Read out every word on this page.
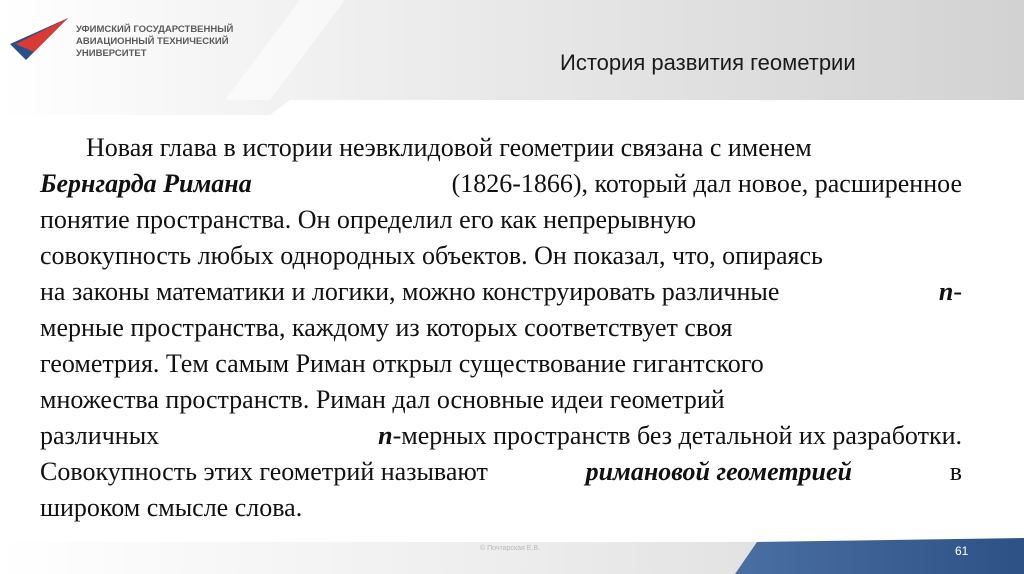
УФИМСКИЙ ГОСУДАРСТВЕННЫЙ
АВИАЦИОННЫЙ ТЕХНИЧЕСКИЙ
УНИВЕРСИТЕТ	История развития геометрии
Новая глава в истории неэвклидовой геометрии связана с именем
Бернгарда Римана	(1826-1866), который дал новое, расширенное
понятие пространства. Он определил его как непрерывную
совокупность любых однородных объектов. Он показал, что, опираясь
на законы математики и логики, можно конструировать различные	n-
мерные пространства, каждому из которых соответствует своя
геометрия. Тем самым Риман открыл существование гигантского
множества пространств. Риман дал основные идеи геометрий
различных	n-мерных пространств без детальной их разработки.
Совокупность этих геометрий называют	римановой геометрией	в
широком смысле слова.
© Почтарская Е.В.	61
